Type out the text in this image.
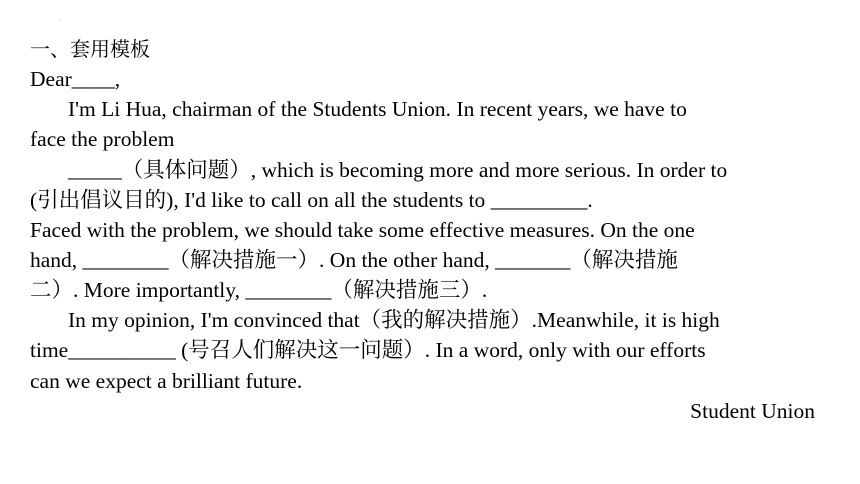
·
一、套用模板
Dear____,
I'm Li Hua, chairman of the Students Union. In recent years, we have to
face the problem
_____（具体问题）, which is becoming more and more serious. In order to
(引出倡议目的), I'd like to call on all the students to _________.
Faced with the problem, we should take some effective measures. On the one
hand, ________（解决措施一）. On the other hand, _______（解决措施
二）. More importantly, ________（解决措施三）.
In my opinion, I'm convinced that（我的解决措施）.Meanwhile, it is high
time__________ (号召人们解决这一问题）. In a word, only with our efforts
can we expect a brilliant future.
Student Union
